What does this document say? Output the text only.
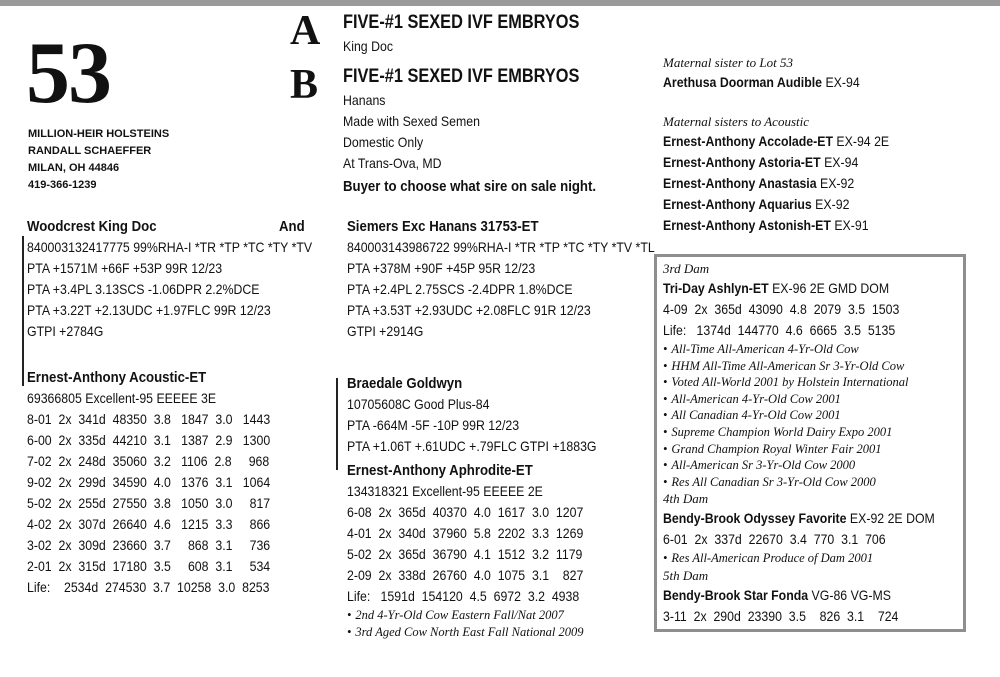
53
MILLION-HEIR HOLSTEINS
RANDALL SCHAEFFER
MILAN, OH 44846
419-366-1239
A FIVE-#1 SEXED IVF EMBRYOS
King Doc
B FIVE-#1 SEXED IVF EMBRYOS
Hanans
Made with Sexed Semen
Domestic Only
At Trans-Ova, MD
Buyer to choose what sire on sale night.
Woodcrest King Doc
840003132417775 99%RHA-I *TR *TP *TC *TY *TV
PTA +1571M +66F +53P 99R 12/23
PTA +3.4PL 3.13SCS -1.06DPR 2.2%DCE
PTA +3.22T +2.13UDC +1.97FLC 99R 12/23
GTPI +2784G
And	Siemers Exc Hanans 31753-ET
840003143986722 99%RHA-I *TR *TP *TC *TY *TV *TL
PTA +378M +90F +45P 95R 12/23
PTA +2.4PL 2.75SCS -2.4DPR 1.8%DCE
PTA +3.53T +2.93UDC +2.08FLC 91R 12/23
GTPI +2914G
Ernest-Anthony Acoustic-ET
69366805 Excellent-95 EEEEE 3E
8-01  2x  341d  48350  3.8   1847  3.0   1443
6-00  2x  335d  44210  3.1   1387  2.9   1300
7-02  2x  248d  35060  3.2   1106  2.8     968
9-02  2x  299d  34590  4.0   1376  3.1   1064
5-02  2x  255d  27550  3.8   1050  3.0     817
4-02  2x  307d  26640  4.6   1215  3.3     866
3-02  2x  309d  23660  3.7     868  3.1     736
2-01  2x  315d  17180  3.5     608  3.1     534
Life:    2534d  274530  3.7  10258  3.0  8253
Braedale Goldwyn
10705608C Good Plus-84
PTA -664M -5F -10P 99R 12/23
PTA +1.06T +.61UDC +.79FLC GTPI +1883G
Ernest-Anthony Aphrodite-ET
134318321 Excellent-95 EEEEE 2E
6-08  2x  365d  40370  4.0  1617  3.0  1207
4-01  2x  340d  37960  5.8  2202  3.3  1269
5-02  2x  365d  36790  4.1  1512  3.2  1179
2-09  2x  338d  26760  4.0  1075  3.1    827
Life:   1591d  154120  4.5  6972  3.2  4938
• 2nd 4-Yr-Old Cow Eastern Fall/Nat 2007
• 3rd Aged Cow North East Fall National 2009
Maternal sister to Lot 53
Arethusa Doorman Audible EX-94
Maternal sisters to Acoustic
Ernest-Anthony Accolade-ET EX-94 2E
Ernest-Anthony Astoria-ET EX-94
Ernest-Anthony Anastasia EX-92
Ernest-Anthony Aquarius EX-92
Ernest-Anthony Astonish-ET EX-91
3rd Dam
Tri-Day Ashlyn-ET EX-96 2E GMD DOM
4-09  2x  365d  43090  4.8  2079  3.5  1503
Life:   1374d  144770  4.6  6665  3.5  5135
• All-Time All-American 4-Yr-Old Cow
• HHM All-Time All-American Sr 3-Yr-Old Cow
• Voted All-World 2001 by Holstein International
• All-American 4-Yr-Old Cow 2001
• All Canadian 4-Yr-Old Cow 2001
• Supreme Champion World Dairy Expo 2001
• Grand Champion Royal Winter Fair 2001
• All-American Sr 3-Yr-Old Cow 2000
• Res All Canadian Sr 3-Yr-Old Cow 2000
4th Dam
Bendy-Brook Odyssey Favorite EX-92 2E DOM
6-01  2x  337d  22670  3.4  770  3.1  706
• Res All-American Produce of Dam 2001
5th Dam
Bendy-Brook Star Fonda VG-86 VG-MS
3-11  2x  290d  23390  3.5    826  3.1    724
